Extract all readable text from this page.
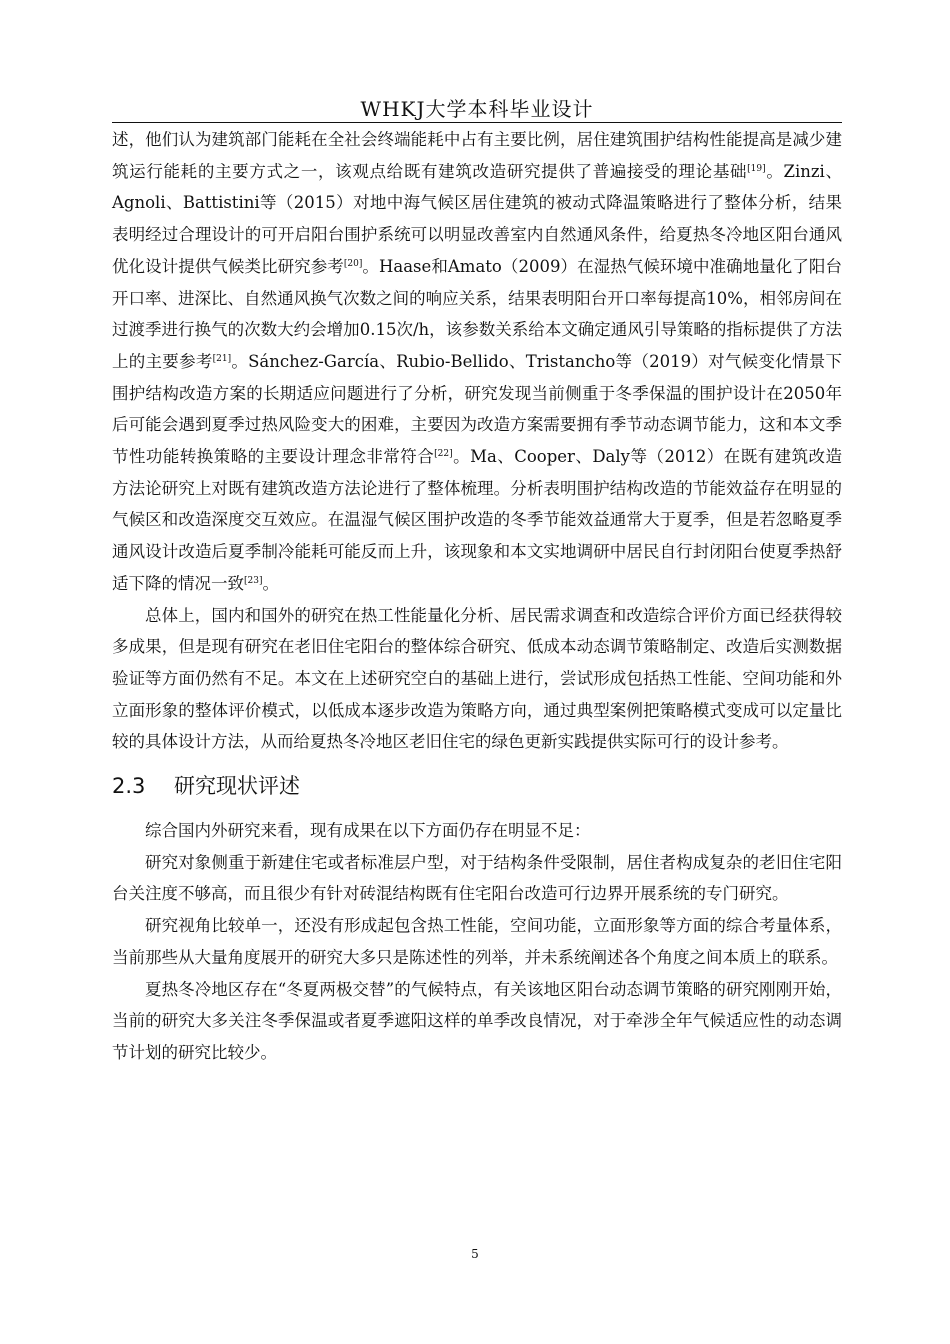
WHKJ大学本科毕业设计

述，他们认为建筑部门能耗在全社会终端能耗中占有主要比例，居住建筑围护结构性能提高是减少建筑运行能耗的主要方式之一，该观点给既有建筑改造研究提供了普遍接受的理论基础[19]。Zinzi、Agnoli、Battistini等（2015）对地中海气候区居住建筑的被动式降温策略进行了整体分析，结果表明经过合理设计的可开启阳台围护系统可以明显改善室内自然通风条件，给夏热冬冷地区阳台通风优化设计提供气候类比研究参考[20]。Haase和Amato（2009）在湿热气候环境中准确地量化了阳台开口率、进深比、自然通风换气次数之间的响应关系，结果表明阳台开口率每提高10%，相邻房间在过渡季进行换气的次数大约会增加0.15次/h，该参数关系给本文确定通风引导策略的指标提供了方法上的主要参考[21]。Sánchez-García、Rubio-Bellido、Tristancho等（2019）对气候变化情景下围护结构改造方案的长期适应问题进行了分析，研究发现当前侧重于冬季保温的围护设计在2050年后可能会遇到夏季过热风险变大的困难，主要因为改造方案需要拥有季节动态调节能力，这和本文季节性功能转换策略的主要设计理念非常符合[22]。Ma、Cooper、Daly等（2012）在既有建筑改造方法论研究上对既有建筑改造方法论进行了整体梳理。分析表明围护结构改造的节能效益存在明显的气候区和改造深度交互效应。在温湿气候区围护改造的冬季节能效益通常大于夏季，但是若忽略夏季通风设计改造后夏季制冷能耗可能反而上升，该现象和本文实地调研中居民自行封闭阳台使夏季热舒适下降的情况一致[23]。

总体上，国内和国外的研究在热工性能量化分析、居民需求调查和改造综合评价方面已经获得较多成果，但是现有研究在老旧住宅阳台的整体综合研究、低成本动态调节策略制定、改造后实测数据验证等方面仍然有不足。本文在上述研究空白的基础上进行，尝试形成包括热工性能、空间功能和外立面形象的整体评价模式，以低成本逐步改造为策略方向，通过典型案例把策略模式变成可以定量比较的具体设计方法，从而给夏热冬冷地区老旧住宅的绿色更新实践提供实际可行的设计参考。

2.3 研究现状评述

综合国内外研究来看，现有成果在以下方面仍存在明显不足：

研究对象侧重于新建住宅或者标准层户型，对于结构条件受限制，居住者构成复杂的老旧住宅阳台关注度不够高，而且很少有针对砖混结构既有住宅阳台改造可行边界开展系统的专门研究。

研究视角比较单一，还没有形成起包含热工性能，空间功能，立面形象等方面的综合考量体系，当前那些从大量角度展开的研究大多只是陈述性的列举，并未系统阐述各个角度之间本质上的联系。

夏热冬冷地区存在“冬夏两极交替”的气候特点，有关该地区阳台动态调节策略的研究刚刚开始，当前的研究大多关注冬季保温或者夏季遮阳这样的单季改良情况，对于牵涉全年气候适应性的动态调节计划的研究比较少。

5
